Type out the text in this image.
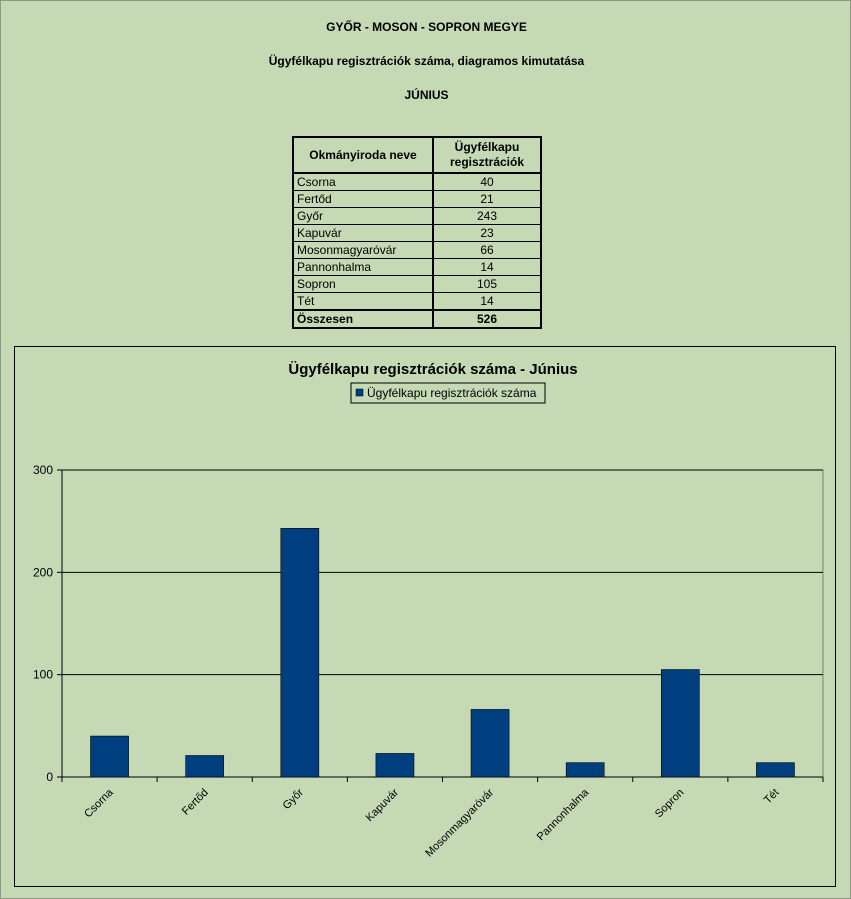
GYŐR - MOSON - SOPRON MEGYE
Ügyfélkapu regisztrációk száma, diagramos kimutatása
JÚNIUS
Okmányiroda neve	Ügyfélkapu
regisztrációk
Csorna	40
Fertőd	21
Győr	243
Kapuvár	23
Mosonmagyaróvár	66
Pannonhalma	14
Sopron	105
Tét	14
Összesen	526
Ügyfélkapu regisztrációk száma - Június
Ügyfélkapu regisztrációk száma
0
100
200
300
Csorna	Fertőd	Győr	Kapuvár Mosonmagyaróvár	Pannonhalma	Sopron	Tét
